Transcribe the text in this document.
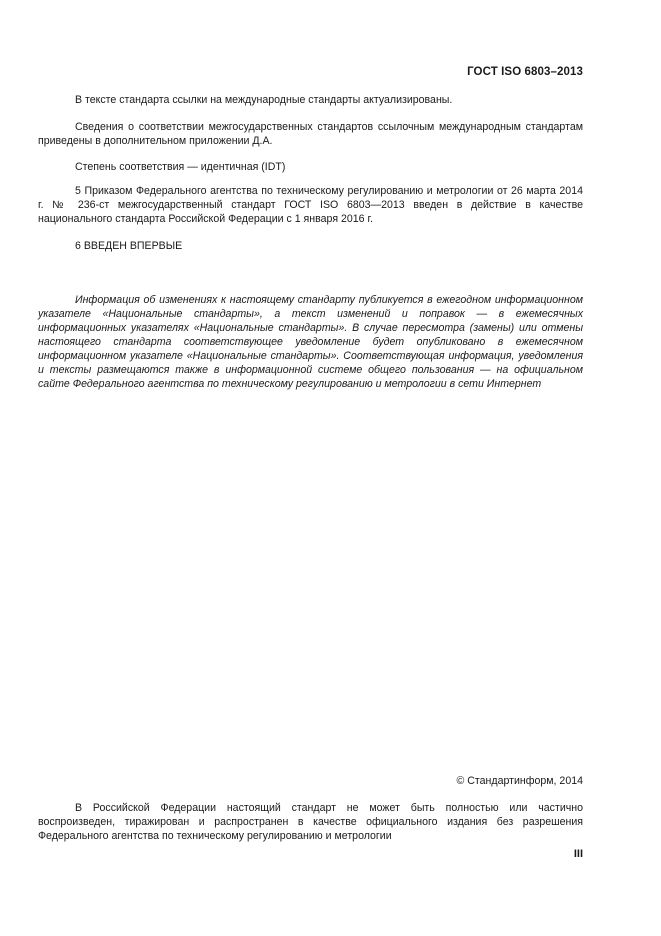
ГОСТ ISO 6803–2013

В тексте стандарта ссылки на международные стандарты актуализированы.

Сведения о соответствии межгосударственных стандартов ссылочным международным стандартам приведены в дополнительном приложении Д.А.

Степень соответствия — идентичная (IDT)

5 Приказом Федерального агентства по техническому регулированию и метрологии от 26 марта 2014 г. № 236-ст межгосударственный стандарт ГОСТ ISO 6803—2013 введен в действие в качестве национального стандарта Российской Федерации с 1 января 2016 г.

6 ВВЕДЕН ВПЕРВЫЕ

Информация об изменениях к настоящему стандарту публикуется в ежегодном информационном указателе «Национальные стандарты», а текст изменений и поправок — в ежемесячных информационных указателях «Национальные стандарты». В случае пересмотра (замены) или отмены настоящего стандарта соответствующее уведомление будет опубликовано в ежемесячном информационном указателе «Национальные стандарты». Соответствующая информация, уведомления и тексты размещаются также в информационной системе общего пользования — на официальном сайте Федерального агентства по техническому регулированию и метрологии в сети Интернет

© Стандартинформ, 2014

В Российской Федерации настоящий стандарт не может быть полностью или частично воспроизведен, тиражирован и распространен в качестве официального издания без разрешения Федерального агентства по техническому регулированию и метрологии

III
